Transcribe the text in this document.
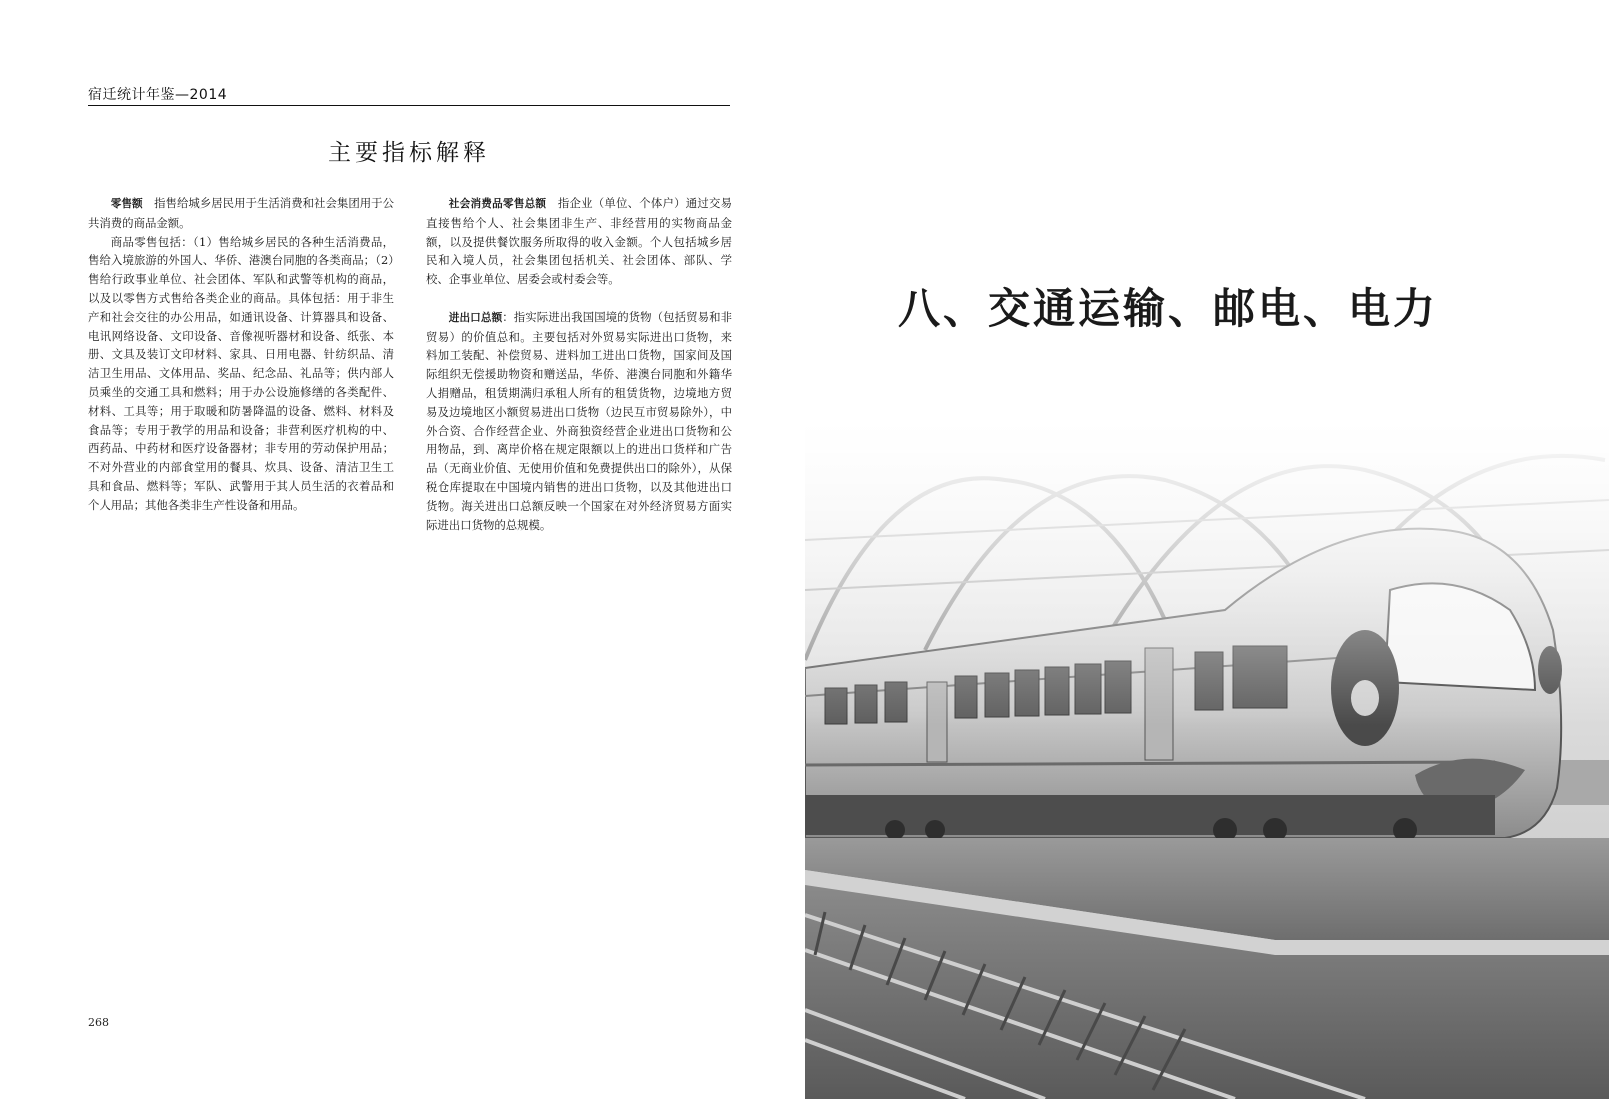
宿迁统计年鉴—2014
主要指标解释

零售额　 指售给城乡居民用于生活消费和社会集团用于公共消费的商品金额。

商品零售包括：（1）售给城乡居民的各种生活消费品，售给入境旅游的外国人、华侨、港澳台同胞的各类商品；（2）售给行政事业单位、社会团体、军队和武警等机构的商品，以及以零售方式售给各类企业的商品。具体包括：用于非生产和社会交往的办公用品，如通讯设备、计算器具和设备、电讯网络设备、文印设备、音像视听器材和设备、纸张、本册、文具及装订文印材料、家具、日用电器、针纺织品、清洁卫生用品、文体用品、奖品、纪念品、礼品等；供内部人员乘坐的交通工具和燃料；用于办公设施修缮的各类配件、材料、工具等；用于取暖和防暑降温的设备、燃料、材料及食品等；专用于教学的用品和设备；非营利医疗机构的中、西药品、中药材和医疗设备器材；非专用的劳动保护用品；不对外营业的内部食堂用的餐具、炊具、设备、清洁卫生工具和食品、燃料等；军队、武警用于其人员生活的衣着品和个人用品；其他各类非生产性设备和用品。

社会消费品零售总额　 指企业（单位、个体户）通过交易直接售给个人、社会集团非生产、非经营用的实物商品金额，以及提供餐饮服务所取得的收入金额。个人包括城乡居民和入境人员，社会集团包括机关、社会团体、部队、学校、企事业单位、居委会或村委会等。

进出口总额：指实际进出我国国境的货物（包括贸易和非贸易）的价值总和。主要包括对外贸易实际进出口货物，来料加工装配、补偿贸易、进料加工进出口货物，国家间及国际组织无偿援助物资和赠送品，华侨、港澳台同胞和外籍华人捐赠品，租赁期满归承租人所有的租赁货物，边境地方贸易及边境地区小额贸易进出口货物（边民互市贸易除外），中外合资、合作经营企业、外商独资经营企业进出口货物和公用物品，到、离岸价格在规定限额以上的进出口货样和广告品（无商业价值、无使用价值和免费提供出口的除外），从保税仓库提取在中国境内销售的进出口货物，以及其他进出口货物。海关进出口总额反映一个国家在对外经济贸易方面实际进出口货物的总规模。

268
八、交通运输、邮电、电力
